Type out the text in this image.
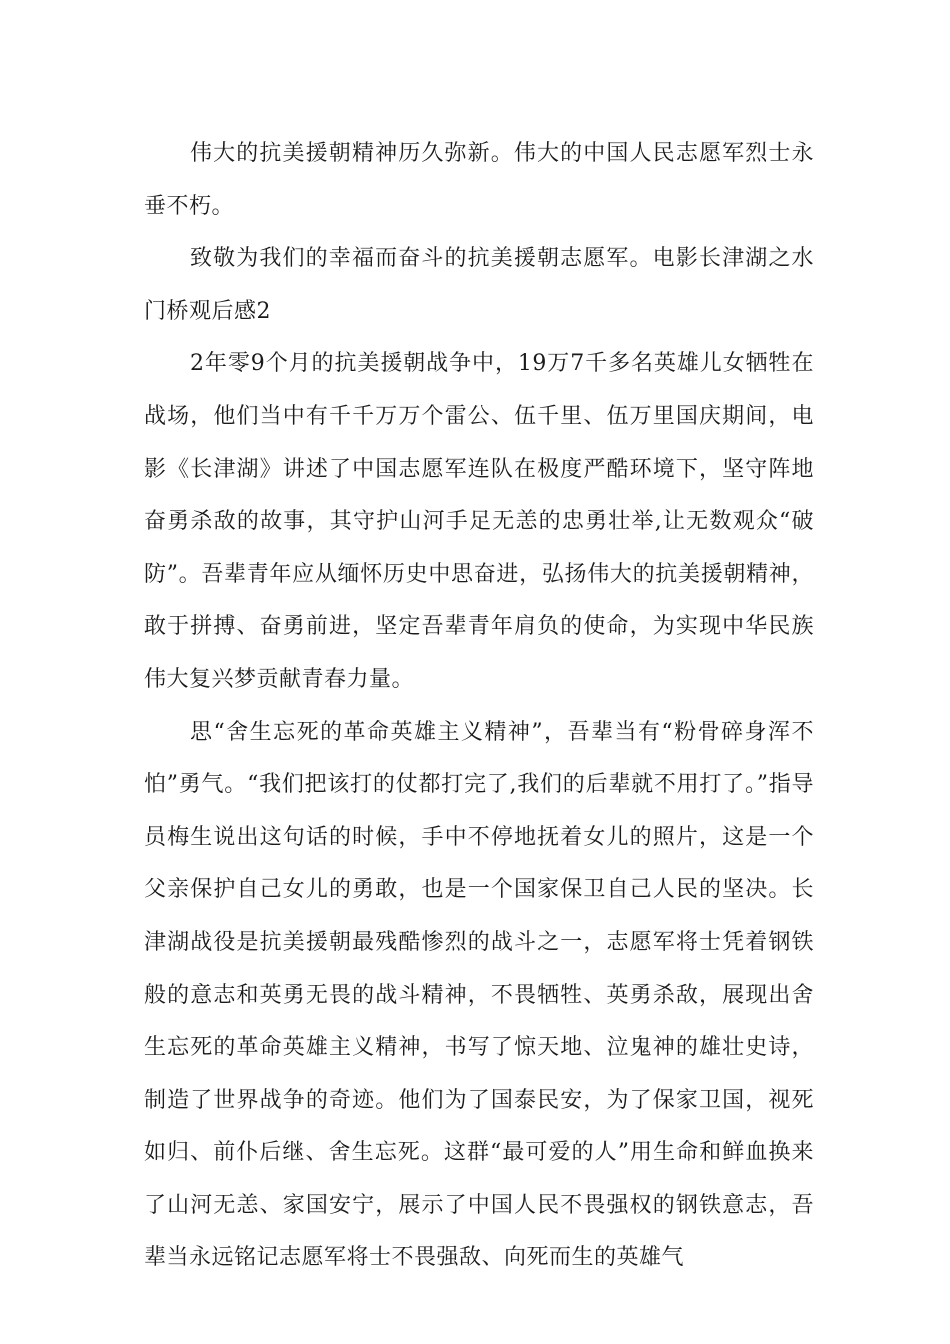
伟大的抗美援朝精神历久弥新。伟大的中国人民志愿军烈士永垂不朽。

致敬为我们的幸福而奋斗的抗美援朝志愿军。电影长津湖之水门桥观后感2

2年零9个月的抗美援朝战争中，19万7千多名英雄儿女牺牲在战场，他们当中有千千万万个雷公、伍千里、伍万里国庆期间，电影《长津湖》讲述了中国志愿军连队在极度严酷环境下，坚守阵地奋勇杀敌的故事，其守护山河手足无恙的忠勇壮举,让无数观众“破防”。吾辈青年应从缅怀历史中思奋进，弘扬伟大的抗美援朝精神，敢于拼搏、奋勇前进，坚定吾辈青年肩负的使命，为实现中华民族伟大复兴梦贡献青春力量。

思“舍生忘死的革命英雄主义精神”，吾辈当有“粉骨碎身浑不怕”勇气。“我们把该打的仗都打完了,我们的后辈就不用打了。”指导员梅生说出这句话的时候，手中不停地抚着女儿的照片，这是一个父亲保护自己女儿的勇敢，也是一个国家保卫自己人民的坚决。长津湖战役是抗美援朝最残酷惨烈的战斗之一，志愿军将士凭着钢铁般的意志和英勇无畏的战斗精神，不畏牺牲、英勇杀敌，展现出舍生忘死的革命英雄主义精神，书写了惊天地、泣鬼神的雄壮史诗，制造了世界战争的奇迹。他们为了国泰民安，为了保家卫国，视死如归、前仆后继、舍生忘死。这群“最可爱的人”用生命和鲜血换来了山河无恙、家国安宁，展示了中国人民不畏强权的钢铁意志，吾辈当永远铭记志愿军将士不畏强敌、向死而生的英雄气
